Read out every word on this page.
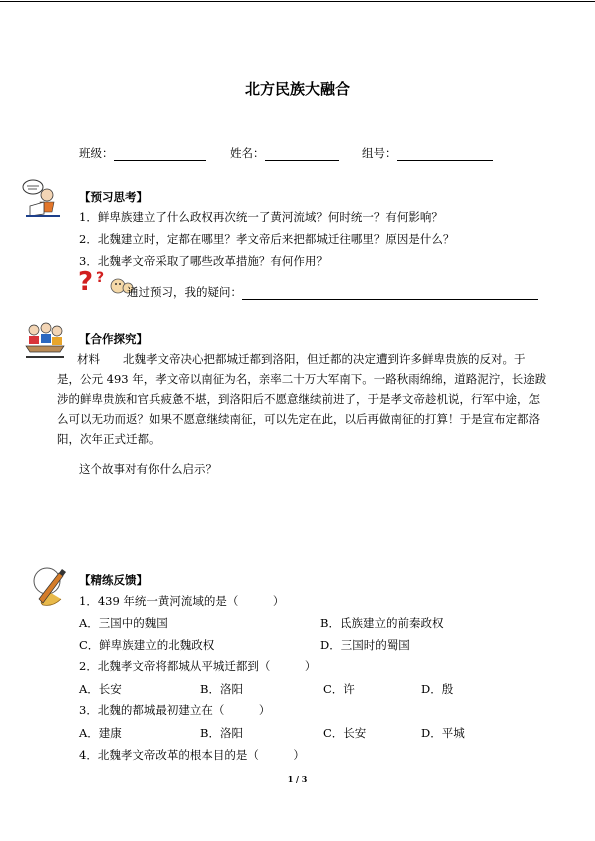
北方民族大融合
班级：	姓名：	组号：
【预习思考】
1．鲜卑族建立了什么政权再次统一了黄河流域？何时统一？有何影响？
2．北魏建立时，定都在哪里？孝文帝后来把都城迁往哪里？原因是什么？
3．北魏孝文帝采取了哪些改革措施？有何作用？
? ?
通过预习，我的疑问：
【合作探究】
材料　　北魏孝文帝决心把都城迁都到洛阳，但迁都的决定遭到许多鲜卑贵族的反对。于是，公元 493 年，孝文帝以南征为名，亲率二十万大军南下。一路秋雨绵绵，道路泥泞，长途跋涉的鲜卑贵族和官兵疲惫不堪，到洛阳后不愿意继续前进了，于是孝文帝趁机说，行军中途，怎么可以无功而返？如果不愿意继续南征，可以先定在此，以后再做南征的打算！于是宣布定都洛阳，次年正式迁都。
这个故事对有你什么启示？
【精练反馈】
1．439 年统一黄河流域的是（　　　）
A．三国中的魏国	B．氐族建立的前秦政权
C．鲜卑族建立的北魏政权	D．三国时的蜀国
2．北魏孝文帝将都城从平城迁都到（　　　）
A．长安	B．洛阳	C．许	D．殷
3．北魏的都城最初建立在（　　　）
A．建康	B．洛阳	C．长安	D．平城
4．北魏孝文帝改革的根本目的是（　　　）
1 / 3
